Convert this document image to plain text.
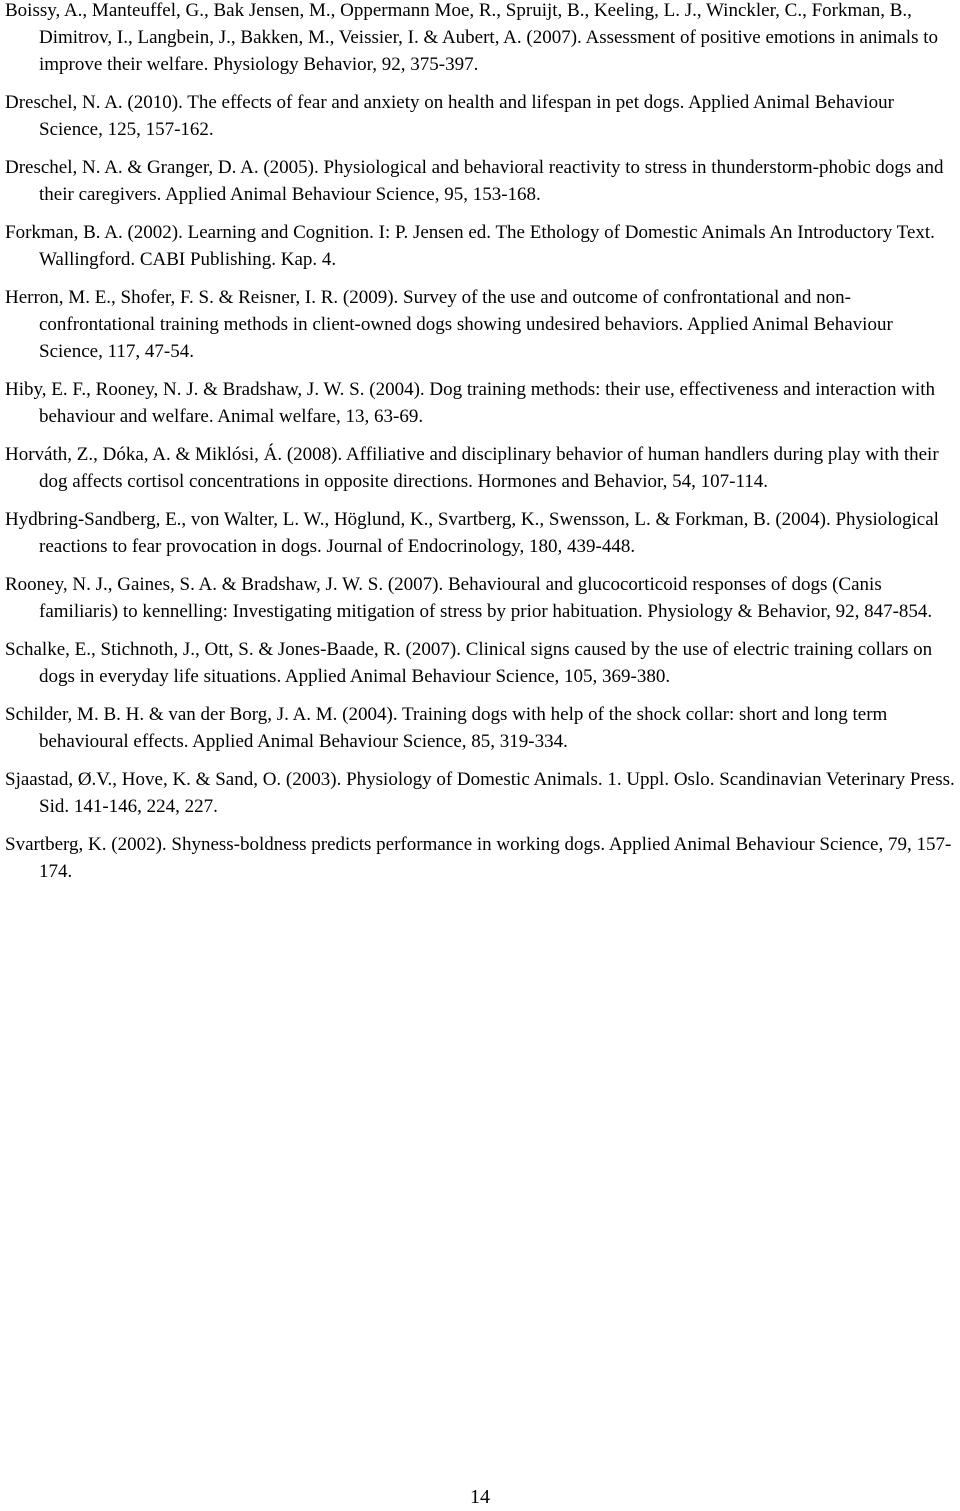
Boissy, A., Manteuffel, G., Bak Jensen, M., Oppermann Moe, R., Spruijt, B., Keeling, L. J., Winckler, C., Forkman, B., Dimitrov, I., Langbein, J., Bakken, M., Veissier, I. & Aubert, A. (2007). Assessment of positive emotions in animals to improve their welfare. Physiology Behavior, 92, 375-397.
Dreschel, N. A. (2010). The effects of fear and anxiety on health and lifespan in pet dogs. Applied Animal Behaviour Science, 125, 157-162.
Dreschel, N. A. & Granger, D. A. (2005). Physiological and behavioral reactivity to stress in thunderstorm-phobic dogs and their caregivers. Applied Animal Behaviour Science, 95, 153-168.
Forkman, B. A. (2002). Learning and Cognition. I: P. Jensen ed. The Ethology of Domestic Animals An Introductory Text. Wallingford. CABI Publishing. Kap. 4.
Herron, M. E., Shofer, F. S. & Reisner, I. R. (2009). Survey of the use and outcome of confrontational and non-confrontational training methods in client-owned dogs showing undesired behaviors. Applied Animal Behaviour Science, 117, 47-54.
Hiby, E. F., Rooney, N. J. & Bradshaw, J. W. S. (2004). Dog training methods: their use, effectiveness and interaction with behaviour and welfare. Animal welfare, 13, 63-69.
Horváth, Z., Dóka, A. & Miklósi, Á. (2008). Affiliative and disciplinary behavior of human handlers during play with their dog affects cortisol concentrations in opposite directions. Hormones and Behavior, 54, 107-114.
Hydbring-Sandberg, E., von Walter, L. W., Höglund, K., Svartberg, K., Swensson, L. & Forkman, B. (2004). Physiological reactions to fear provocation in dogs. Journal of Endocrinology, 180, 439-448.
Rooney, N. J., Gaines, S. A. & Bradshaw, J. W. S. (2007). Behavioural and glucocorticoid responses of dogs (Canis familiaris) to kennelling: Investigating mitigation of stress by prior habituation. Physiology & Behavior, 92, 847-854.
Schalke, E., Stichnoth, J., Ott, S. & Jones-Baade, R. (2007). Clinical signs caused by the use of electric training collars on dogs in everyday life situations. Applied Animal Behaviour Science, 105, 369-380.
Schilder, M. B. H. & van der Borg, J. A. M. (2004). Training dogs with help of the shock collar: short and long term behavioural effects. Applied Animal Behaviour Science, 85, 319-334.
Sjaastad, Ø.V., Hove, K. & Sand, O. (2003). Physiology of Domestic Animals. 1. Uppl. Oslo. Scandinavian Veterinary Press. Sid. 141-146, 224, 227.
Svartberg, K. (2002). Shyness-boldness predicts performance in working dogs. Applied Animal Behaviour Science, 79, 157-174.

14
